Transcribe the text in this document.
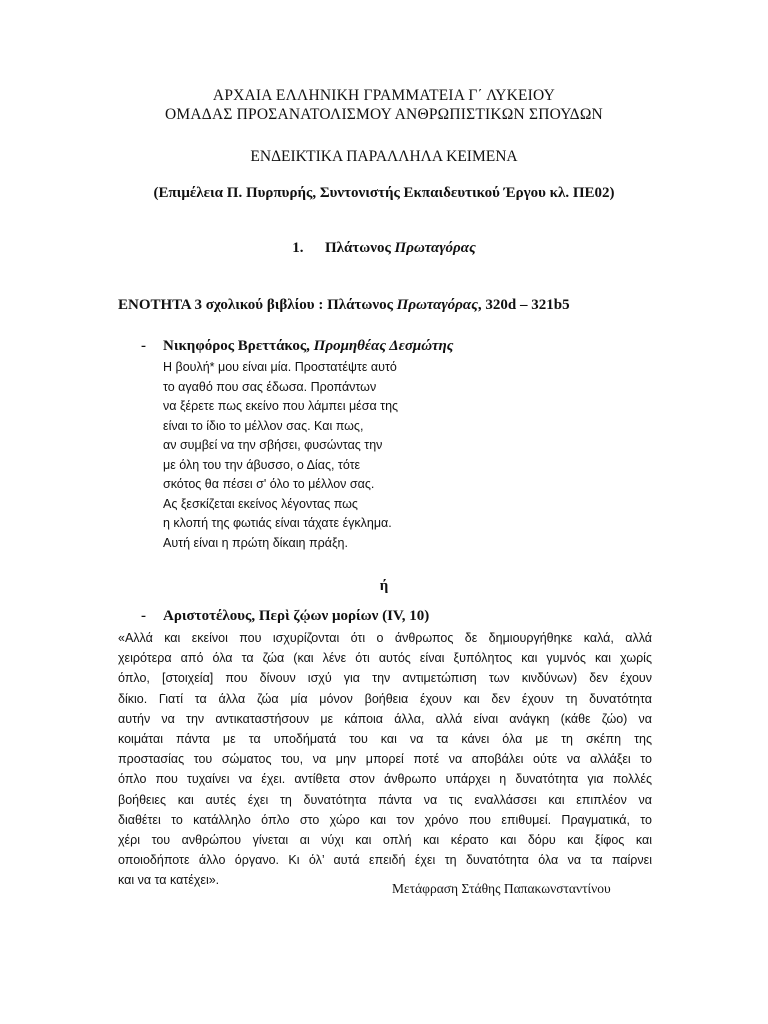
ΑΡΧΑΙΑ ΕΛΛΗΝΙΚΗ ΓΡΑΜΜΑΤΕΙΑ Γ΄ ΛΥΚΕΙΟΥ
ΟΜΑΔΑΣ ΠΡΟΣΑΝΑΤΟΛΙΣΜΟΥ ΑΝΘΡΩΠΙΣΤΙΚΩΝ ΣΠΟΥΔΩΝ
ΕΝΔΕΙΚΤΙΚΑ ΠΑΡΑΛΛΗΛΑ ΚΕΙΜΕΝΑ
(Επιμέλεια Π. Πυρπυρής, Συντονιστής Εκπαιδευτικού Έργου κλ. ΠΕ02)
1. Πλάτωνος Πρωταγόρας
ΕΝΟΤΗΤΑ 3 σχολικού βιβλίου : Πλάτωνος Πρωταγόρας, 320d – 321b5
- Νικηφόρος Βρεττάκος, Προμηθέας Δεσμώτης
Η βουλή* μου είναι μία. Προστατέψτε αυτό
το αγαθό που σας έδωσα. Προπάντων
να ξέρετε πως εκείνο που λάμπει μέσα της
είναι το ίδιο το μέλλον σας. Και πως,
αν συμβεί να την σβήσει, φυσώντας την
με όλη του την άβυσσο, ο Δίας, τότε
σκότος θα πέσει σ' όλο το μέλλον σας.
Ας ξεσκίζεται εκείνος λέγοντας πως
η κλοπή της φωτιάς είναι τάχατε έγκλημα.
Αυτή είναι η πρώτη δίκαιη πράξη.
ή
- Αριστοτέλους, Περὶ ζῴων μορίων (IV, 10)
«Αλλά και εκείνοι που ισχυρίζονται ότι ο άνθρωπος δε δημιουργήθηκε καλά, αλλά
χειρότερα από όλα τα ζώα (και λένε ότι αυτός είναι ξυπόλητος και γυμνός και χωρίς
όπλο, [στοιχεία] που δίνουν ισχύ για την αντιμετώπιση των κινδύνων) δεν έχουν
δίκιο. Γιατί τα άλλα ζώα μία μόνον βοήθεια έχουν και δεν έχουν τη δυνατότητα
αυτήν να την αντικαταστήσουν με κάποια άλλα, αλλά είναι ανάγκη (κάθε ζώο) να
κοιμάται πάντα με τα υποδήματά του και να τα κάνει όλα με τη σκέπη της
προστασίας του σώματος του, να μην μπορεί ποτέ να αποβάλει ούτε να αλλάξει το
όπλο που τυχαίνει να έχει. αντίθετα στον άνθρωπο υπάρχει η δυνατότητα για πολλές
βοήθειες και αυτές έχει τη δυνατότητα πάντα να τις εναλλάσσει και επιπλέον να
διαθέτει το κατάλληλο όπλο στο χώρο και τον χρόνο που επιθυμεί. Πραγματικά, το
χέρι του ανθρώπου γίνεται αι νύχι και οπλή και κέρατο και δόρυ και ξίφος και
οποιοδήποτε άλλο όργανο. Κι όλ’ αυτά επειδή έχει τη δυνατότητα όλα να τα παίρνει
και να τα κατέχει».
Μετάφραση Στάθης Παπακωνσταντίνου
